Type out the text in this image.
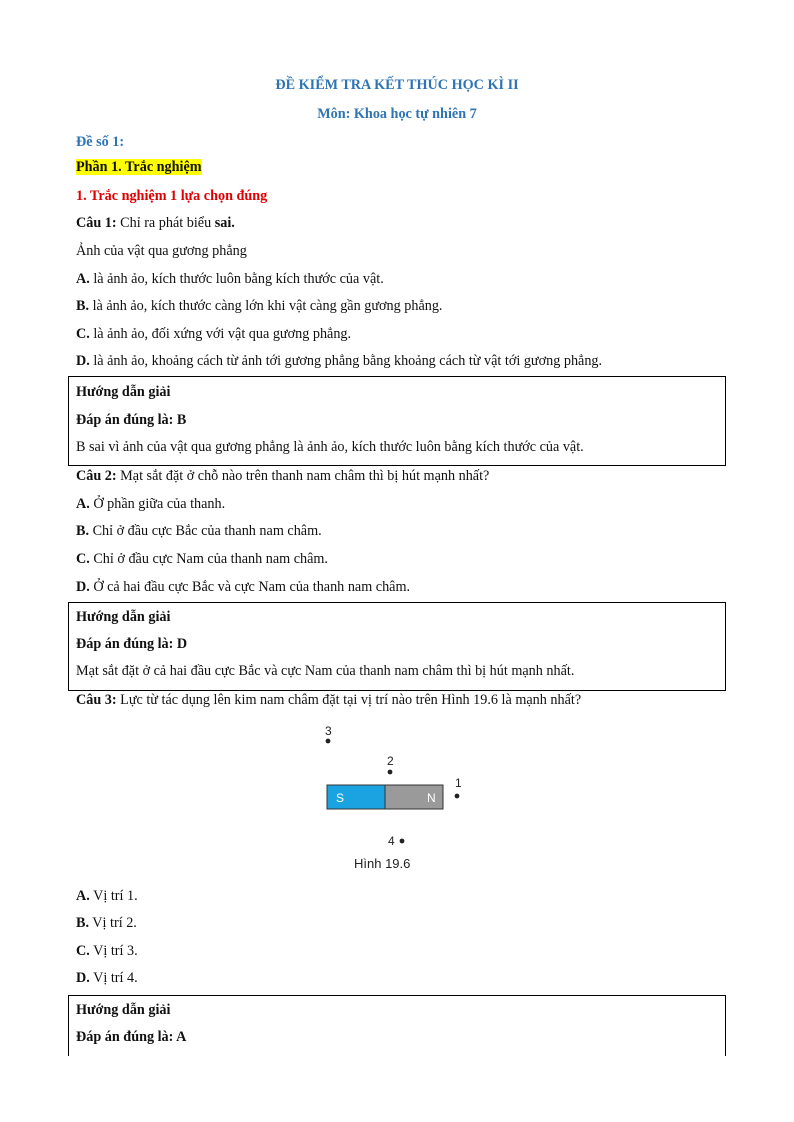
ĐỀ KIỂM TRA KẾT THÚC HỌC KÌ II
Môn: Khoa học tự nhiên 7
Đề số 1:
Phần 1. Trắc nghiệm
1. Trắc nghiệm 1 lựa chọn đúng
Câu 1: Chỉ ra phát biểu sai.
Ảnh của vật qua gương phẳng
A. là ảnh ảo, kích thước luôn bằng kích thước của vật.
B. là ảnh ảo, kích thước càng lớn khi vật càng gần gương phẳng.
C. là ảnh ảo, đối xứng với vật qua gương phẳng.
D. là ảnh ảo, khoảng cách từ ảnh tới gương phẳng bằng khoảng cách từ vật tới gương phẳng.
Hướng dẫn giải
Đáp án đúng là: B
B sai vì ảnh của vật qua gương phẳng là ảnh ảo, kích thước luôn bằng kích thước của vật.
Câu 2: Mạt sắt đặt ở chỗ nào trên thanh nam châm thì bị hút mạnh nhất?
A. Ở phần giữa của thanh.
B. Chỉ ở đầu cực Bắc của thanh nam châm.
C. Chỉ ở đầu cực Nam của thanh nam châm.
D. Ở cả hai đầu cực Bắc và cực Nam của thanh nam châm.
Hướng dẫn giải
Đáp án đúng là: D
Mạt sắt đặt ở cả hai đầu cực Bắc và cực Nam của thanh nam châm thì bị hút mạnh nhất.
Câu 3: Lực từ tác dụng lên kim nam châm đặt tại vị trí nào trên Hình 19.6 là mạnh nhất?
3
2
S	N
1
4
Hình 19.6
A. Vị trí 1.
B. Vị trí 2.
C. Vị trí 3.
D. Vị trí 4.
Hướng dẫn giải
Đáp án đúng là: A
